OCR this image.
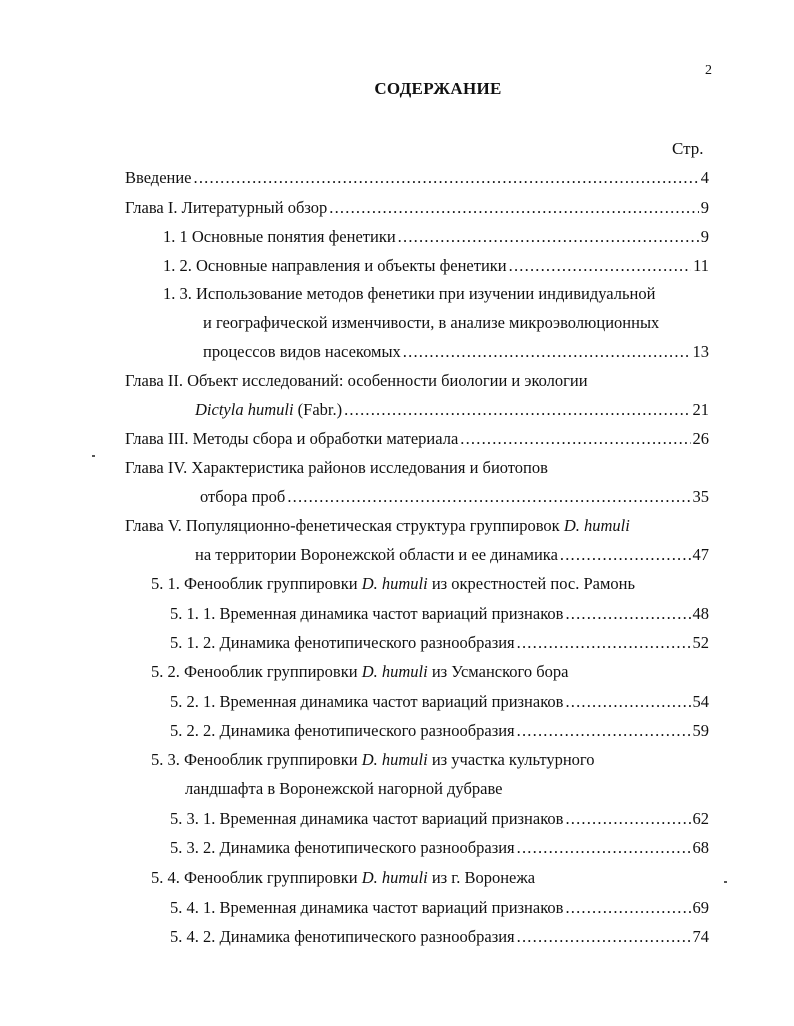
2
СОДЕРЖАНИЕ
Стр.
Введение .....	4
Глава I. Литературный обзор .....	9
1. 1 Основные понятия фенетики .....	9
1. 2. Основные направления и объекты фенетики .....	11
1. 3. Использование методов фенетики при изучении индивидуальной
и географической изменчивости, в анализе микроэволюционных
процессов видов насекомых .....	13
Глава II. Объект исследований: особенности биологии и экологии
Dictyla humuli (Fabr.) .....	21
Глава III. Методы сбора и обработки материала .....	26
Глава IV. Характеристика районов исследования и биотопов
отбора проб .....	35
Глава V. Популяционно-фенетическая структура группировок D. humuli
на территории Воронежской области и ее динамика .....	47
5. 1. Фенооблик группировки D. humuli из окрестностей пос. Рамонь
5. 1. 1. Временная динамика частот вариаций признаков .....	48
5. 1. 2. Динамика фенотипического разнообразия .....	52
5. 2. Фенооблик группировки D. humuli из Усманского бора
5. 2. 1. Временная динамика частот вариаций признаков .....	54
5. 2. 2. Динамика фенотипического разнообразия .....	59
5. 3. Фенооблик группировки D. humuli из участка культурного
ландшафта в Воронежской нагорной дубраве
5. 3. 1. Временная динамика частот вариаций признаков .....	62
5. 3. 2. Динамика фенотипического разнообразия .....	68
5. 4. Фенооблик группировки D. humuli из г. Воронежа
5. 4. 1. Временная динамика частот вариаций признаков .....	69
5. 4. 2. Динамика фенотипического разнообразия .....	74
